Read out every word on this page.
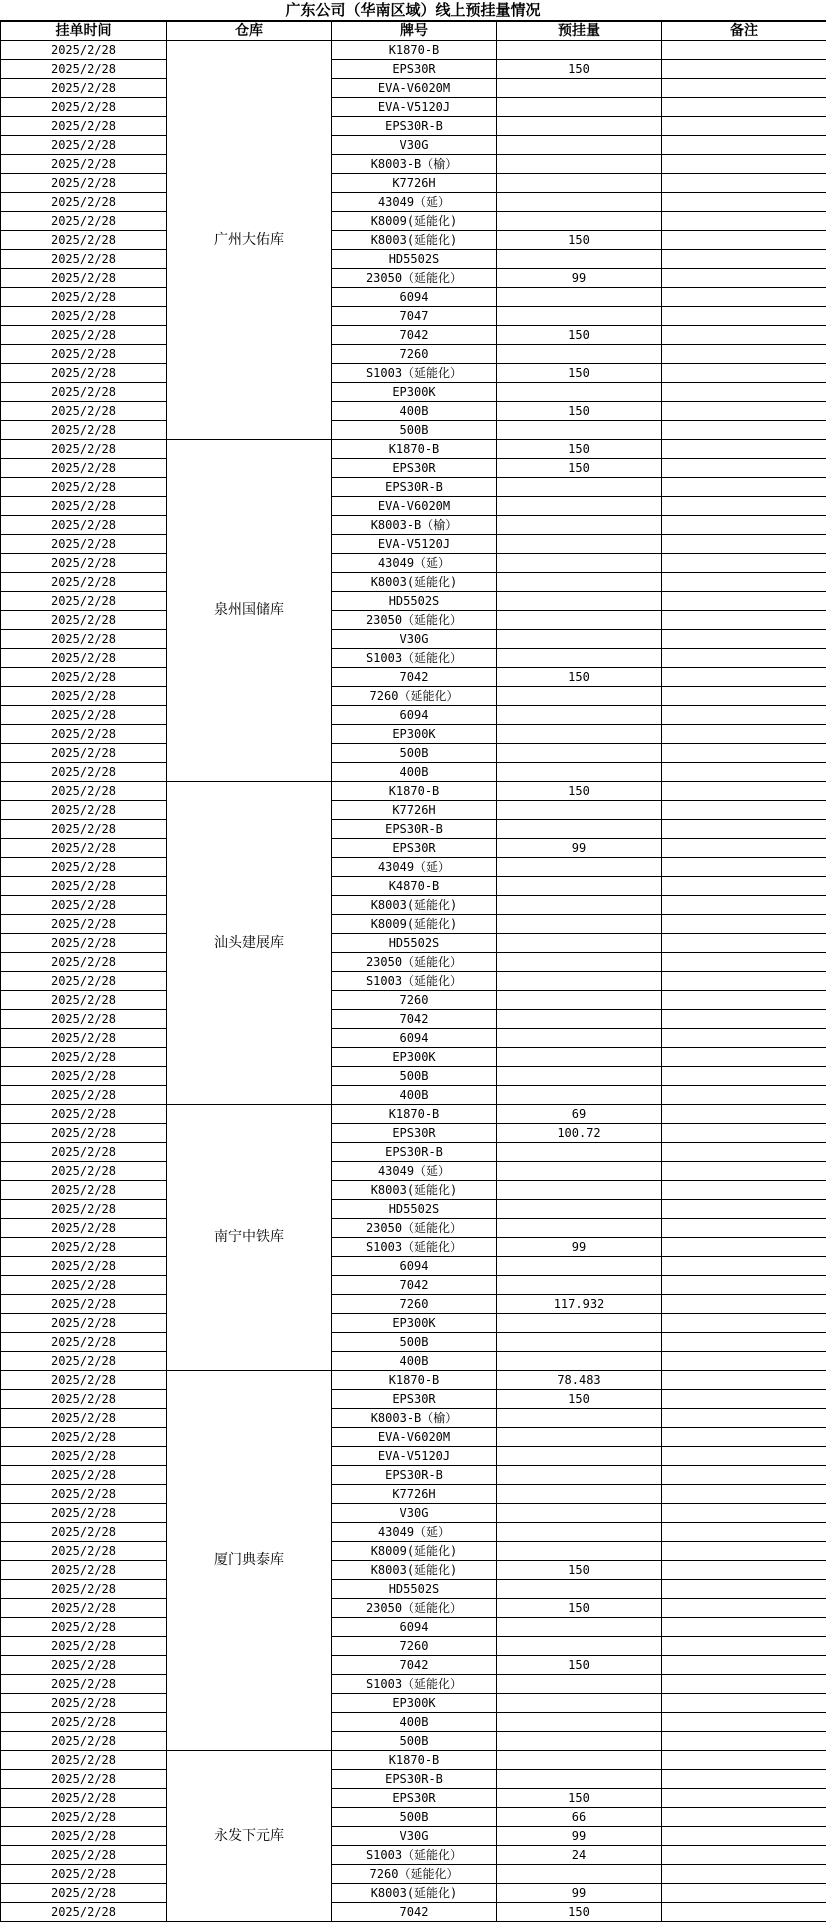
广东公司（华南区域）线上预挂量情况
挂单时间	仓库	牌号	预挂量	备注
2025/2/28	广州大佑库	K1870-B		
2025/2/28		EPS30R	150	
2025/2/28		EVA-V6020M		
2025/2/28		EVA-V5120J		
2025/2/28		EPS30R-B		
2025/2/28		V30G		
2025/2/28		K8003-B（榆）		
2025/2/28		K7726H		
2025/2/28		43049（延）		
2025/2/28		K8009(延能化)		
2025/2/28		K8003(延能化)	150	
2025/2/28		HD5502S		
2025/2/28		23050（延能化）	99	
2025/2/28		6094		
2025/2/28		7047		
2025/2/28		7042	150	
2025/2/28		7260		
2025/2/28		S1003（延能化）	150	
2025/2/28		EP300K		
2025/2/28		400B	150	
2025/2/28		500B		
2025/2/28	泉州国储库	K1870-B	150	
2025/2/28		EPS30R	150	
2025/2/28		EPS30R-B		
2025/2/28		EVA-V6020M		
2025/2/28		K8003-B（榆）		
2025/2/28		EVA-V5120J		
2025/2/28		43049（延）		
2025/2/28		K8003(延能化)		
2025/2/28		HD5502S		
2025/2/28		23050（延能化）		
2025/2/28		V30G		
2025/2/28		S1003（延能化）		
2025/2/28		7042	150	
2025/2/28		7260（延能化）		
2025/2/28		6094		
2025/2/28		EP300K		
2025/2/28		500B		
2025/2/28		400B		
2025/2/28	汕头建展库	K1870-B	150	
2025/2/28		K7726H		
2025/2/28		EPS30R-B		
2025/2/28		EPS30R	99	
2025/2/28		43049（延）		
2025/2/28		K4870-B		
2025/2/28		K8003(延能化)		
2025/2/28		K8009(延能化)		
2025/2/28		HD5502S		
2025/2/28		23050（延能化）		
2025/2/28		S1003（延能化）		
2025/2/28		7260		
2025/2/28		7042		
2025/2/28		6094		
2025/2/28		EP300K		
2025/2/28		500B		
2025/2/28		400B		
2025/2/28	南宁中铁库	K1870-B	69	
2025/2/28		EPS30R	100.72	
2025/2/28		EPS30R-B		
2025/2/28		43049（延）		
2025/2/28		K8003(延能化)		
2025/2/28		HD5502S		
2025/2/28		23050（延能化）		
2025/2/28		S1003（延能化）	99	
2025/2/28		6094		
2025/2/28		7042		
2025/2/28		7260	117.932	
2025/2/28		EP300K		
2025/2/28		500B		
2025/2/28		400B		
2025/2/28	厦门典泰库	K1870-B	78.483	
2025/2/28		EPS30R	150	
2025/2/28		K8003-B（榆）		
2025/2/28		EVA-V6020M		
2025/2/28		EVA-V5120J		
2025/2/28		EPS30R-B		
2025/2/28		K7726H		
2025/2/28		V30G		
2025/2/28		43049（延）		
2025/2/28		K8009(延能化)		
2025/2/28		K8003(延能化)	150	
2025/2/28		HD5502S		
2025/2/28		23050（延能化）	150	
2025/2/28		6094		
2025/2/28		7260		
2025/2/28		7042	150	
2025/2/28		S1003（延能化）		
2025/2/28		EP300K		
2025/2/28		400B		
2025/2/28		500B		
2025/2/28	永发下元库	K1870-B		
2025/2/28		EPS30R-B		
2025/2/28		EPS30R	150	
2025/2/28		500B	66	
2025/2/28		V30G	99	
2025/2/28		S1003（延能化）	24	
2025/2/28		7260（延能化）		
2025/2/28		K8003(延能化)	99	
2025/2/28		7042	150	
